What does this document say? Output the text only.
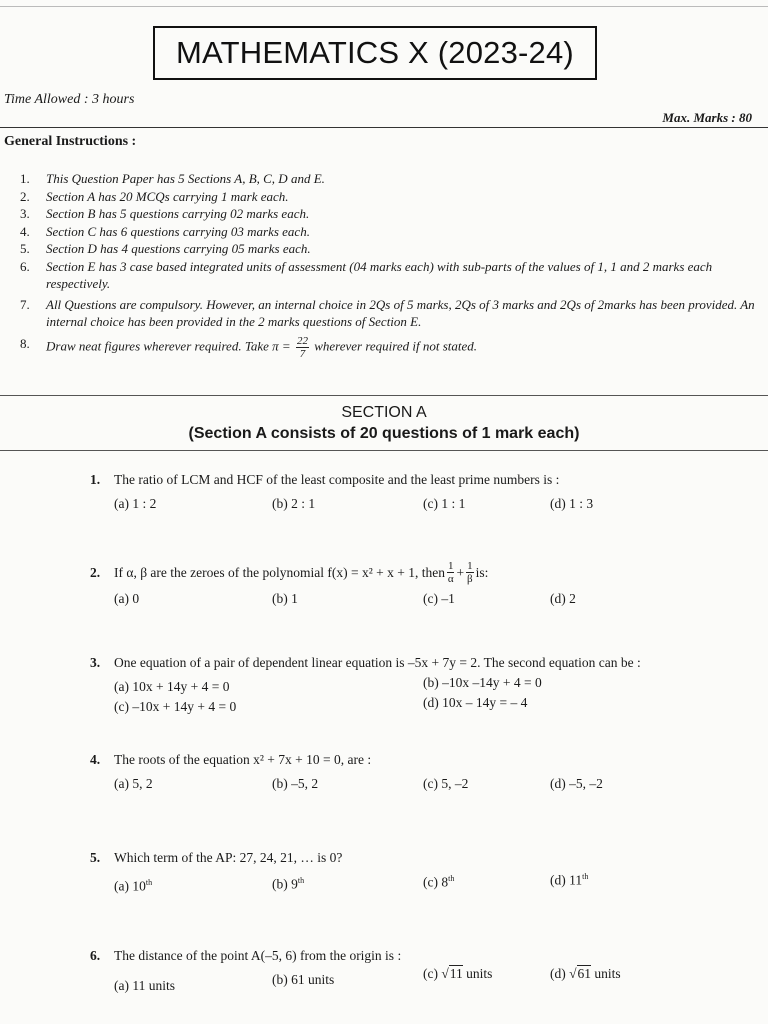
MATHEMATICS X (2023-24)
Time Allowed : 3 hours
Max. Marks : 80
General Instructions :
1. This Question Paper has 5 Sections A, B, C, D and E.
2. Section A has 20 MCQs carrying 1 mark each.
3. Section B has 5 questions carrying 02 marks each.
4. Section C has 6 questions carrying 03 marks each.
5. Section D has 4 questions carrying 05 marks each.
6. Section E has 3 case based integrated units of assessment (04 marks each) with sub-parts of the values of 1, 1 and 2 marks each respectively.
7. All Questions are compulsory. However, an internal choice in 2Qs of 5 marks, 2Qs of 3 marks and 2Qs of 2marks has been provided. An internal choice has been provided in the 2 marks questions of Section E.
8. Draw neat figures wherever required. Take $\pi = \frac{22}{7}$ wherever required if not stated.
SECTION A
(Section A consists of 20 questions of 1 mark each)
1.	The ratio of LCM and HCF of the least composite and the least prime numbers is :
(a) 1 : 2	(b) 2 : 1	(c) 1 : 1	(d) 1 : 3
2.	If α, β are the zeroes of the polynomial f(x) = x² + x + 1, then $\frac{1}{\alpha} + \frac{1}{\beta}$ is:
(a) 0	(b) 1	(c) –1	(d) 2
3.	One equation of a pair of dependent linear equation is –5x + 7y = 2. The second equation can be :
(a) 10x + 14y + 4 = 0	(b) –10x –14y + 4 = 0
(c) –10x + 14y + 4 = 0	(d) 10x – 14y = – 4
4.	The roots of the equation x² + 7x + 10 = 0, are :
(a) 5, 2	(b) –5, 2	(c) 5, –2	(d) –5, –2
5.	Which term of the AP: 27, 24, 21, … is 0?
(a) 10th	(b) 9th	(c) 8th	(d) 11th
6.	The distance of the point A(–5, 6) from the origin is :
(a) 11 units	(b) 61 units	(c) √11 units	(d) √61 units
